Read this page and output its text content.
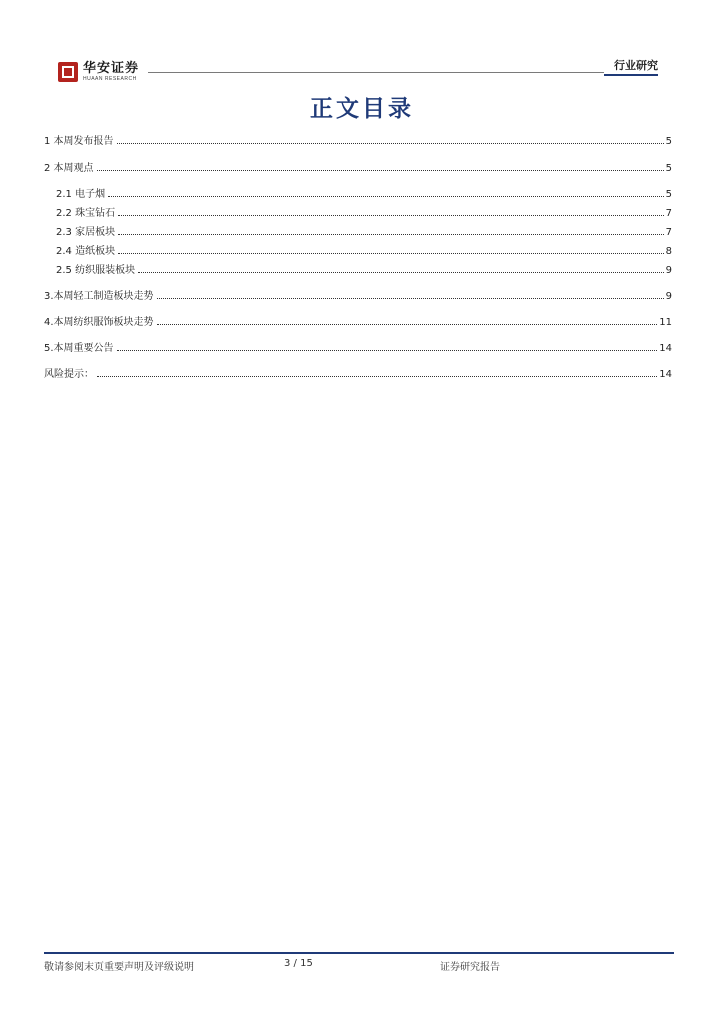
华安证券
HUAAN RESEARCH
行业研究
正文目录
1 本周发布报告	5
2 本周观点	5
2.1 电子烟	5
2.2 珠宝钻石	7
2.3 家居板块	7
2.4 造纸板块	8
2.5 纺织服装板块	9
3.本周轻工制造板块走势	9
4.本周纺织服饰板块走势	11
5.本周重要公告	14
风险提示：	14
敬请参阅末页重要声明及评级说明	3 / 15	证券研究报告
